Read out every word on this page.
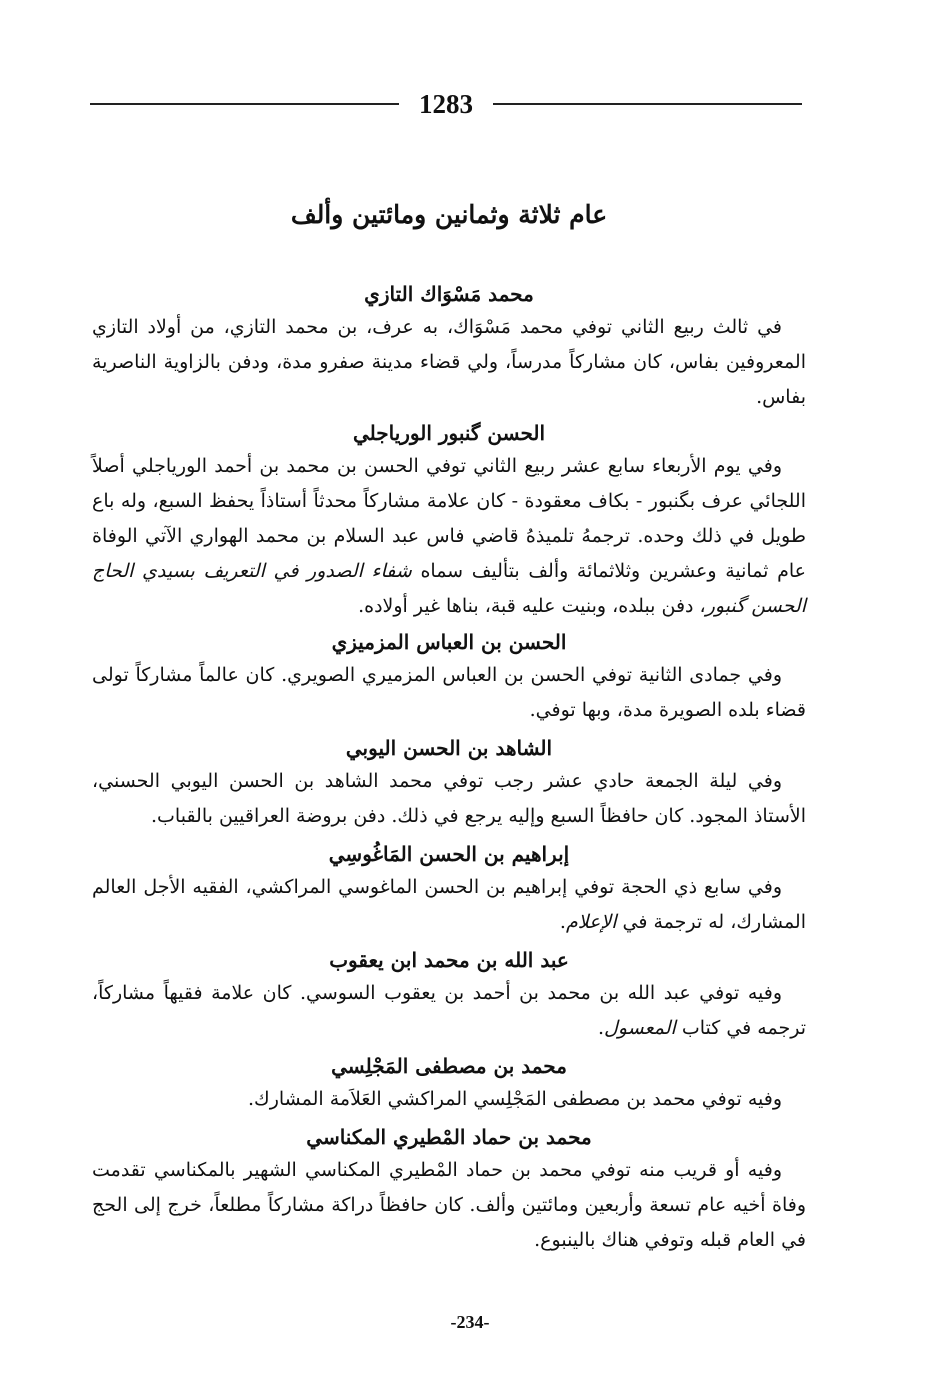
1283
عام ثلاثة وثمانين ومائتين وألف
محمد مَسْوَاك التازي

في ثالث ربيع الثاني توفي محمد مَسْوَاك، به عرف، بن محمد التازي، من أولاد التازي المعروفين بفاس، كان مشاركاً مدرساً، ولي قضاء مدينة صفرو مدة، ودفن بالزاوية الناصرية بفاس.

الحسن گنبور الورياجلي

وفي يوم الأربعاء سابع عشر ربيع الثاني توفي الحسن بن محمد بن أحمد الورياجلي أصلاً اللجائي عرف بگنبور - بكاف معقودة - كان علامة مشاركاً محدثاً أستاذاً يحفظ السبع، وله باع طويل في ذلك وحده. ترجمهُ تلميذهُ قاضي فاس عبد السلام بن محمد الهواري الآتي الوفاة عام ثمانية وعشرين وثلاثمائة وألف بتأليف سماه شفاء الصدور في التعريف بسيدي الحاج الحسن گنبور، دفن ببلده، وبنيت عليه قبة، بناها غير أولاده.

الحسن بن العباس المزميزي

وفي جمادى الثانية توفي الحسن بن العباس المزميري الصويري. كان عالماً مشاركاً تولى قضاء بلده الصويرة مدة، وبها توفي.

الشاهد بن الحسن اليوبي

وفي ليلة الجمعة حادي عشر رجب توفي محمد الشاهد بن الحسن اليوبي الحسني، الأستاذ المجود. كان حافظاً السبع وإليه يرجع في ذلك. دفن بروضة العراقيين بالقباب.

إبراهيم بن الحسن المَاغُوسِي

وفي سابع ذي الحجة توفي إبراهيم بن الحسن الماغوسي المراكشي، الفقيه الأجل العالم المشارك، له ترجمة في الإعلام.

عبد الله بن محمد ابن يعقوب

وفيه توفي عبد الله بن محمد بن أحمد بن يعقوب السوسي. كان علامة فقيهاً مشاركاً، ترجمه في كتاب المعسول.

محمد بن مصطفى المَجْلِسي

وفيه توفي محمد بن مصطفى المَجْلِسي المراكشي العَلاَمة المشارك.

محمد بن حماد المْطيري المكناسي

وفيه أو قريب منه توفي محمد بن حماد المْطيري المكناسي الشهير بالمكناسي تقدمت وفاة أخيه عام تسعة وأربعين ومائتين وألف. كان حافظاً دراكة مشاركاً مطلعاً، خرج إلى الحج في العام قبله وتوفي هناك بالينبوع.

-234-
